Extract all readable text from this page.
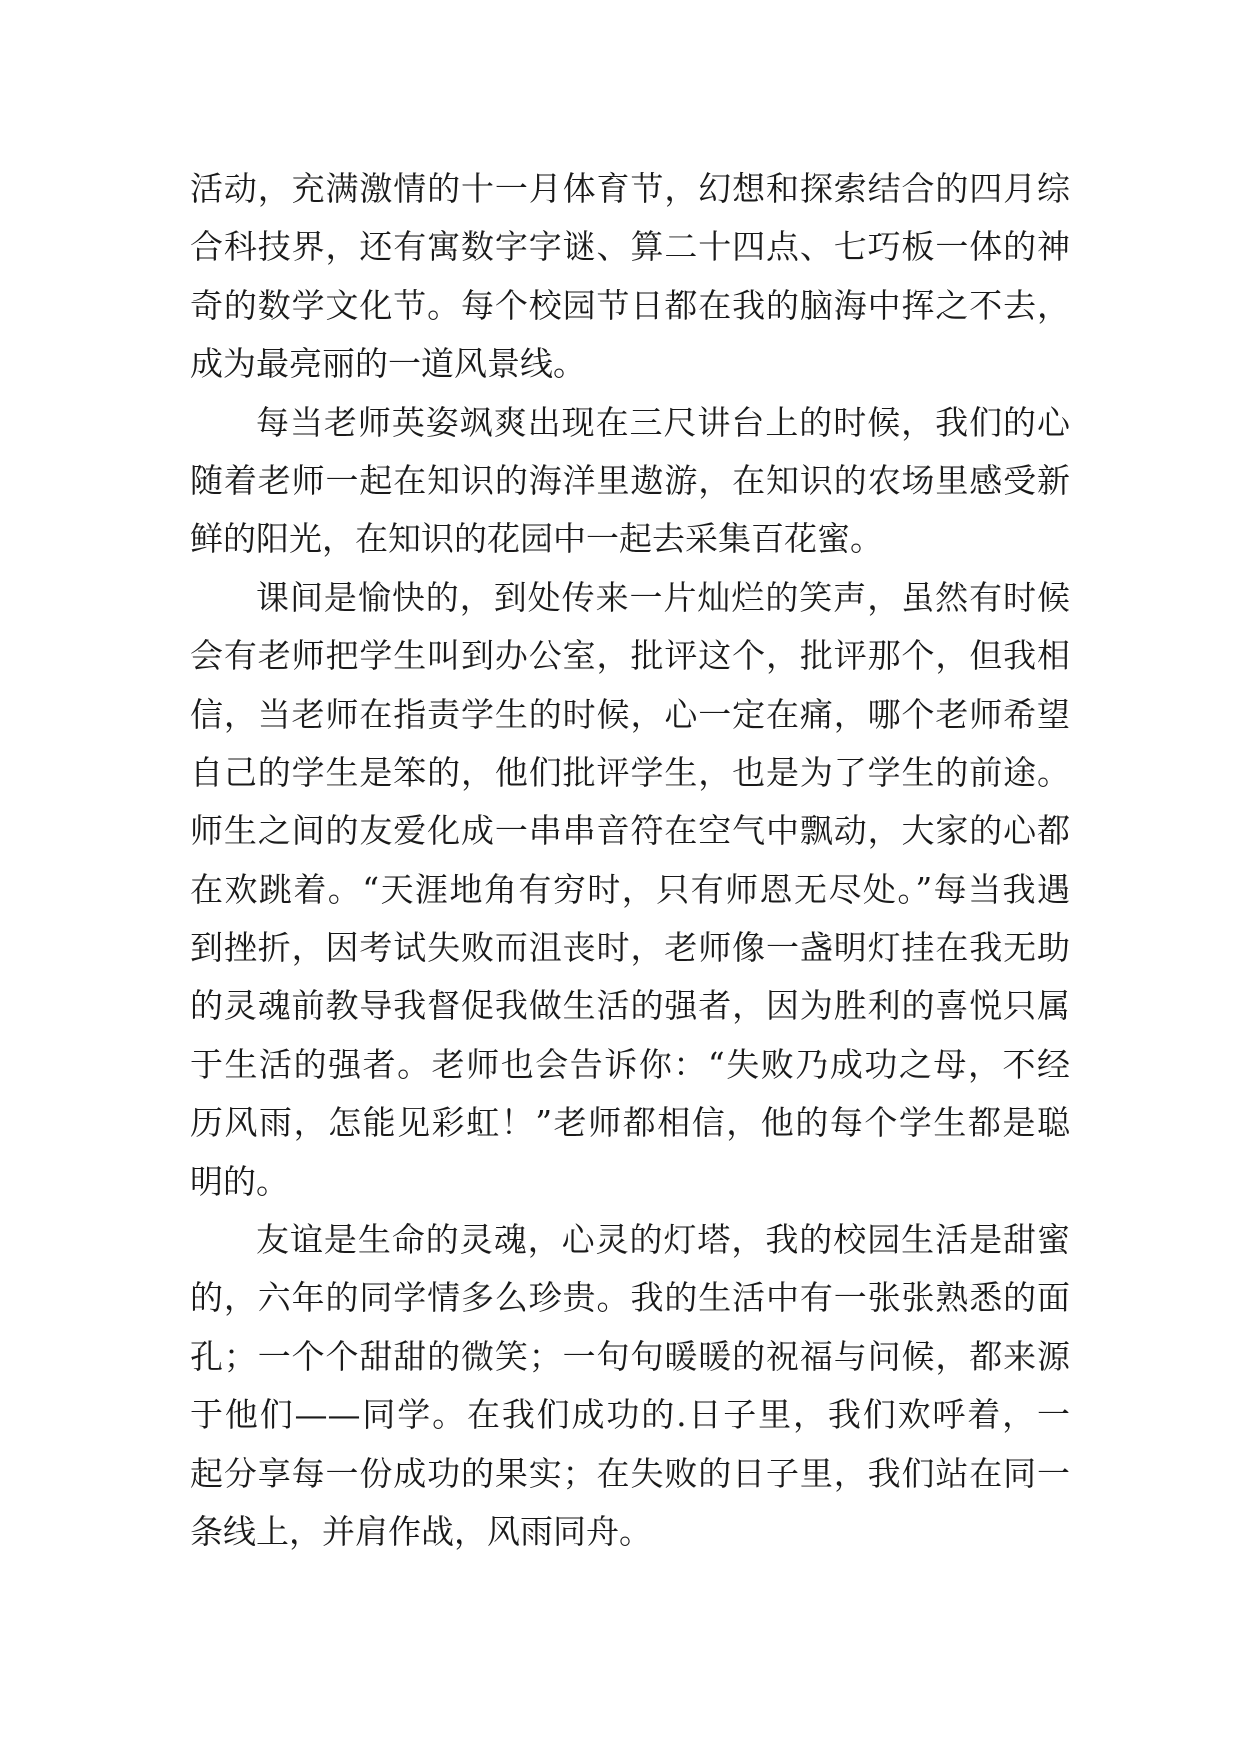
活动，充满激情的十一月体育节，幻想和探索结合的四月综
合科技界，还有寓数字字谜、算二十四点、七巧板一体的神
奇的数学文化节。每个校园节日都在我的脑海中挥之不去，
成为最亮丽的一道风景线。

每当老师英姿飒爽出现在三尺讲台上的时候，我们的心
随着老师一起在知识的海洋里遨游，在知识的农场里感受新
鲜的阳光，在知识的花园中一起去采集百花蜜。

课间是愉快的，到处传来一片灿烂的笑声，虽然有时候
会有老师把学生叫到办公室，批评这个，批评那个，但我相
信，当老师在指责学生的时候，心一定在痛，哪个老师希望
自己的学生是笨的，他们批评学生，也是为了学生的前途。
师生之间的友爱化成一串串音符在空气中飘动，大家的心都
在欢跳着。“天涯地角有穷时，只有师恩无尽处。”每当我遇
到挫折，因考试失败而沮丧时，老师像一盏明灯挂在我无助
的灵魂前教导我督促我做生活的强者，因为胜利的喜悦只属
于生活的强者。老师也会告诉你：“失败乃成功之母，不经
历风雨，怎能见彩虹！”老师都相信，他的每个学生都是聪
明的。

友谊是生命的灵魂，心灵的灯塔，我的校园生活是甜蜜
的，六年的同学情多么珍贵。我的生活中有一张张熟悉的面
孔；一个个甜甜的微笑；一句句暖暖的祝福与问候，都来源
于他们——同学。在我们成功的.日子里，我们欢呼着，一
起分享每一份成功的果实；在失败的日子里，我们站在同一
条线上，并肩作战，风雨同舟。
